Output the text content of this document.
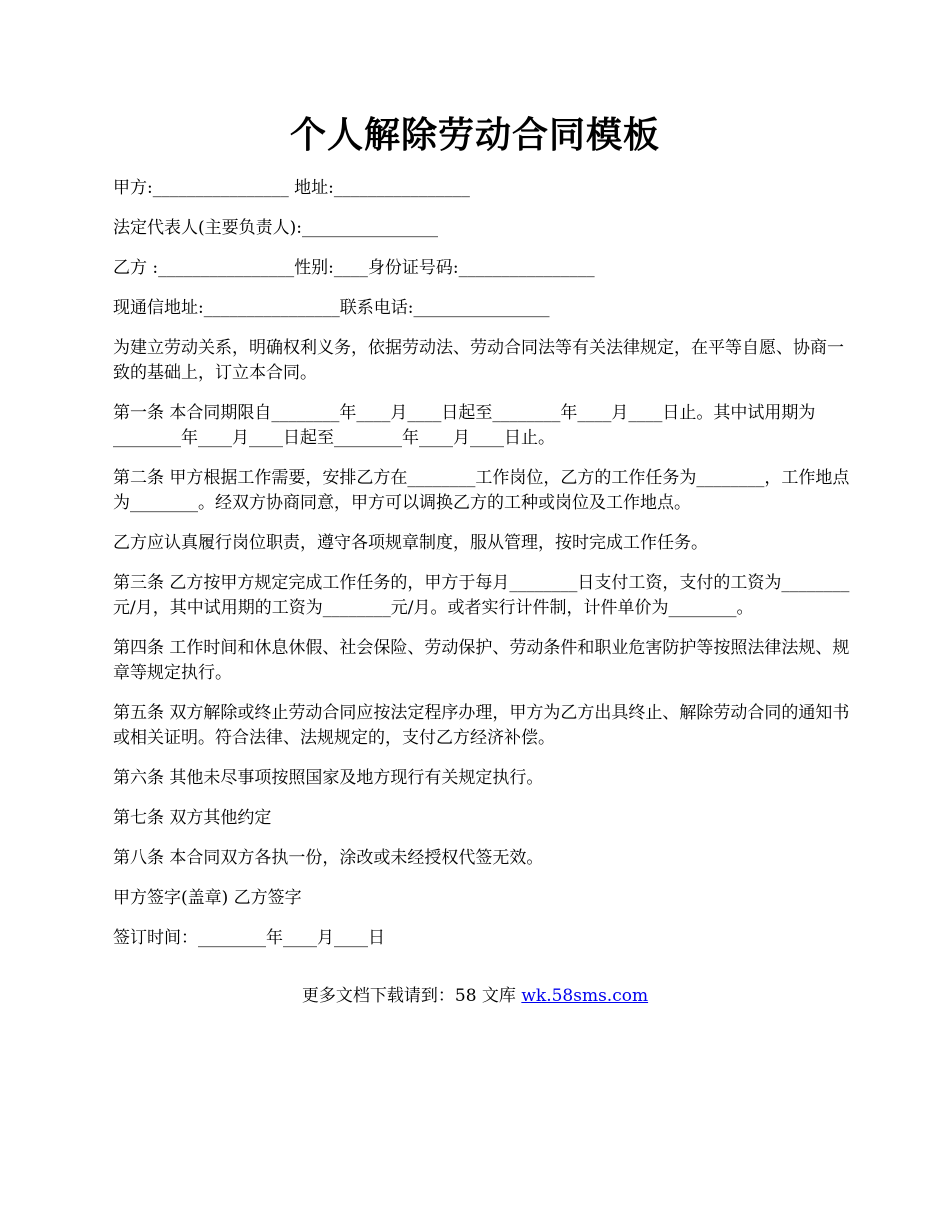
个人解除劳动合同模板

甲方:________________ 地址:________________

法定代表人(主要负责人):________________

乙方 :________________性别:____身份证号码:________________

现通信地址:________________联系电话:________________

为建立劳动关系，明确权利义务，依据劳动法、劳动合同法等有关法律规定，在平等自愿、协商一致的基础上，订立本合同。

第一条 本合同期限自________年____月____日起至________年____月____日止。其中试用期为________年____月____日起至________年____月____日止。

第二条 甲方根据工作需要，安排乙方在________工作岗位，乙方的工作任务为________，工作地点为________。经双方协商同意，甲方可以调换乙方的工种或岗位及工作地点。

乙方应认真履行岗位职责，遵守各项规章制度，服从管理，按时完成工作任务。

第三条 乙方按甲方规定完成工作任务的，甲方于每月________日支付工资，支付的工资为________元/月，其中试用期的工资为________元/月。或者实行计件制，计件单价为________。

第四条 工作时间和休息休假、社会保险、劳动保护、劳动条件和职业危害防护等按照法律法规、规章等规定执行。

第五条 双方解除或终止劳动合同应按法定程序办理，甲方为乙方出具终止、解除劳动合同的通知书或相关证明。符合法律、法规规定的，支付乙方经济补偿。

第六条 其他未尽事项按照国家及地方现行有关规定执行。

第七条 双方其他约定

第八条 本合同双方各执一份，涂改或未经授权代签无效。

甲方签字(盖章) 乙方签字

签订时间：________年____月____日

更多文档下载请到：58 文库 wk.58sms.com
